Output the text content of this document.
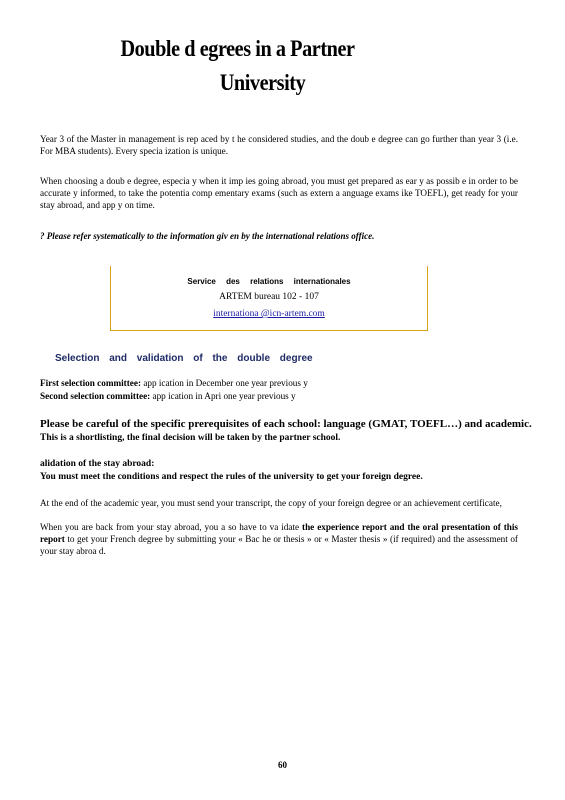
Double d egrees in a Partner
University
Year 3 of the Master in management is rep aced by t he considered studies, and the doub e degree can go further than year 3 (i.e. For MBA students). Every specia ization is unique.
When choosing a doub e degree, especia y when it imp ies going abroad, you must get prepared as ear y as possib e in order to be accurate y informed, to take the potentia comp ementary exams (such as extern a anguage exams ike TOEFL), get ready for your stay abroad, and app y on time.
? Please refer systematically to the information giv en by the international relations office.
Service des relations internationales
ARTEM bureau 102 - 107
internationa @icn-artem.com
Selection and validation of the double degree
First selection committee: app ication in December one year previous y
Second selection committee: app ication in Apri one year previous y
Please be careful of the specific prerequisites of each school: language (GMAT, TOEFL…) and academic.
This is a shortlisting, the final decision will be taken by the partner school.
alidation of the stay abroad:
You must meet the conditions and respect the rules of the university to get your foreign degree.
At the end of the academic year, you must send your transcript, the copy of your foreign degree or an achievement certificate,
When you are back from your stay abroad, you a so have to va idate the experience report and the oral presentation of this report to get your French degree by submitting your « Bac he or thesis » or « Master thesis » (if required) and the assessment of your stay abroa d.
60
